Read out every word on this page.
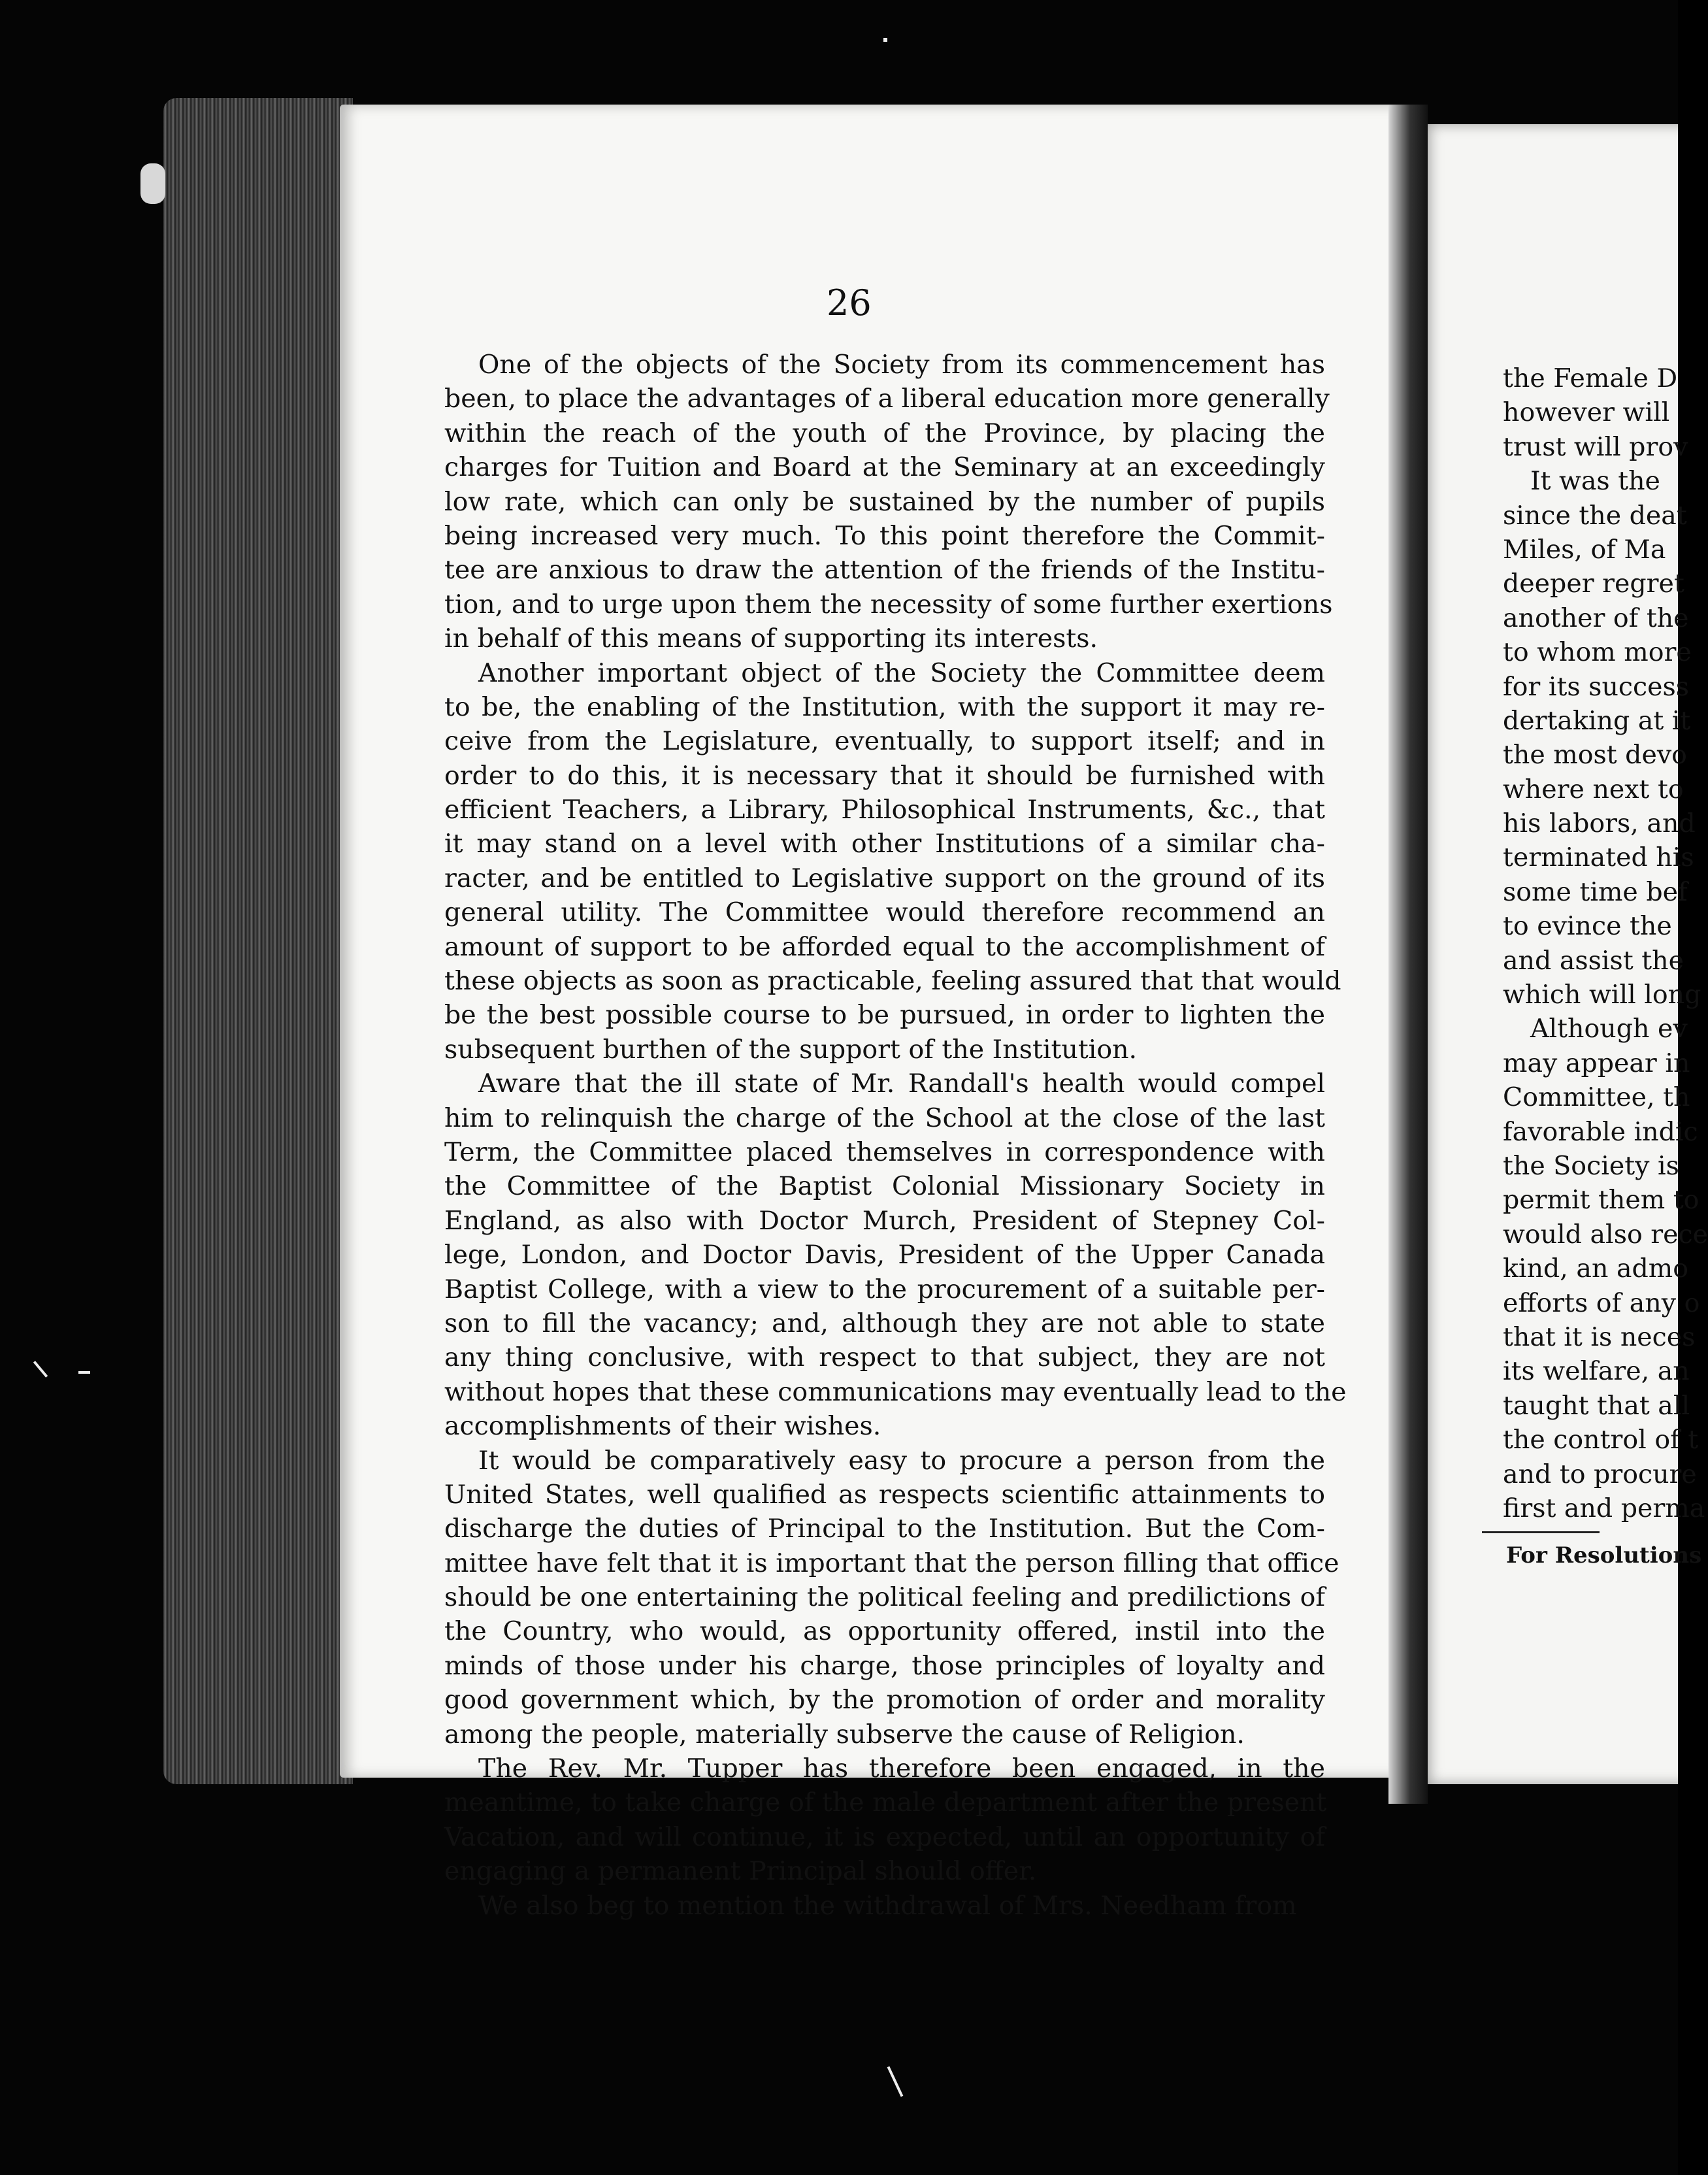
26
One of the objects of the Society from its commencement has
been, to place the advantages of a liberal education more generally
within the reach of the youth of the Province, by placing the
charges for Tuition and Board at the Seminary at an exceedingly
low rate, which can only be sustained by the number of pupils
being increased very much. To this point therefore the Commit-
tee are anxious to draw the attention of the friends of the Institu-
tion, and to urge upon them the necessity of some further exertions
in behalf of this means of supporting its interests.
Another important object of the Society the Committee deem
to be, the enabling of the Institution, with the support it may re-
ceive from the Legislature, eventually, to support itself; and in
order to do this, it is necessary that it should be furnished with
efficient Teachers, a Library, Philosophical Instruments, &c., that
it may stand on a level with other Institutions of a similar cha-
racter, and be entitled to Legislative support on the ground of its
general utility. The Committee would therefore recommend an
amount of support to be afforded equal to the accomplishment of
these objects as soon as practicable, feeling assured that that would
be the best possible course to be pursued, in order to lighten the
subsequent burthen of the support of the Institution.
Aware that the ill state of Mr. Randall's health would compel
him to relinquish the charge of the School at the close of the last
Term, the Committee placed themselves in correspondence with
the Committee of the Baptist Colonial Missionary Society in
England, as also with Doctor Murch, President of Stepney Col-
lege, London, and Doctor Davis, President of the Upper Canada
Baptist College, with a view to the procurement of a suitable per-
son to fill the vacancy; and, although they are not able to state
any thing conclusive, with respect to that subject, they are not
without hopes that these communications may eventually lead to the
accomplishments of their wishes.
It would be comparatively easy to procure a person from the
United States, well qualified as respects scientific attainments to
discharge the duties of Principal to the Institution. But the Com-
mittee have felt that it is important that the person filling that office
should be one entertaining the political feeling and predilictions of
the Country, who would, as opportunity offered, instil into the
minds of those under his charge, those principles of loyalty and
good government which, by the promotion of order and morality
among the people, materially subserve the cause of Religion.
The Rev. Mr. Tupper has therefore been engaged, in the
meantime, to take charge of the male department after the present
Vacation, and will continue, it is expected, until an opportunity of
engaging a permanent Principal should offer.
We also beg to mention the withdrawal of Mrs. Needham from
the Female D
however will
trust will prov
It was the
since the deat
Miles, of Ma
deeper regret
another of the
to whom more
for its success
dertaking at it
the most devo
where next to
his labors, and
terminated his
some time bef
to evince the
and assist the
which will long
Although ev
may appear in
Committee, th
favorable indic
the Society is
permit them to
would also rece
kind, an admo
efforts of any o
that it is neces
its welfare, an
taught that all
the control of t
and to procure
first and perma
For Resolutions
